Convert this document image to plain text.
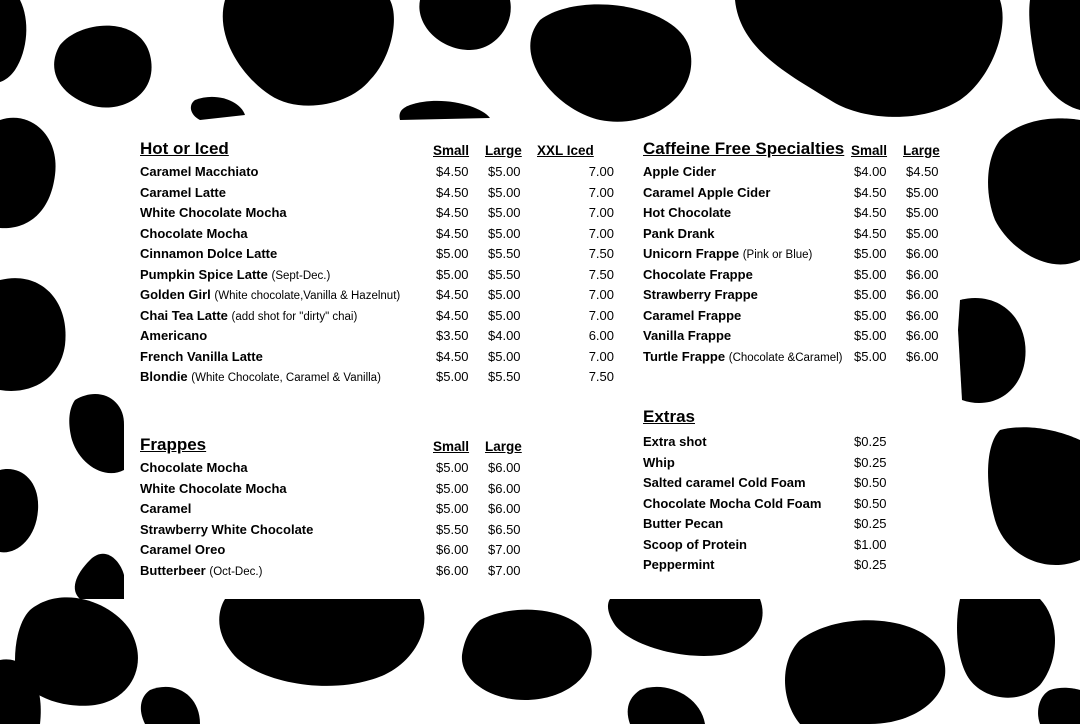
Hot or Iced	Small Large XXL Iced
Caramel Macchiato	$4.50 $5.00	7.00
Caramel Latte	$4.50 $5.00	7.00
White Chocolate Mocha	$4.50 $5.00	7.00
Chocolate Mocha	$4.50 $5.00	7.00
Cinnamon Dolce Latte	$5.00 $5.50	7.50
Pumpkin Spice Latte (Sept-Dec.)	$5.00 $5.50	7.50
Golden Girl (White chocolate,Vanilla & Hazelnut)	$4.50 $5.00	7.00
Chai Tea Latte (add shot for "dirty" chai)	$4.50 $5.00	7.00
Americano	$3.50 $4.00	6.00
French Vanilla Latte	$4.50 $5.00	7.00
Blondie (White Chocolate, Caramel & Vanilla)	$5.00 $5.50	7.50
Frappes	Small Large
Chocolate Mocha	$5.00 $6.00
White Chocolate Mocha	$5.00 $6.00
Caramel	$5.00 $6.00
Strawberry White Chocolate	$5.50 $6.50
Caramel Oreo	$6.00 $7.00
Butterbeer (Oct-Dec.)	$6.00 $7.00
Caffeine Free Specialties Small Large
Apple Cider	$4.00 $4.50
Caramel Apple Cider	$4.50 $5.00
Hot Chocolate	$4.50 $5.00
Pank Drank	$4.50 $5.00
Unicorn Frappe (Pink or Blue)	$5.00 $6.00
Chocolate Frappe	$5.00 $6.00
Strawberry Frappe	$5.00 $6.00
Caramel Frappe	$5.00 $6.00
Vanilla Frappe	$5.00 $6.00
Turtle Frappe (Chocolate &Caramel) $5.00 $6.00
Extras
Extra shot	$0.25
Whip	$0.25
Salted caramel Cold Foam	$0.50
Chocolate Mocha Cold Foam	$0.50
Butter Pecan	$0.25
Scoop of Protein	$1.00
Peppermint	$0.25
